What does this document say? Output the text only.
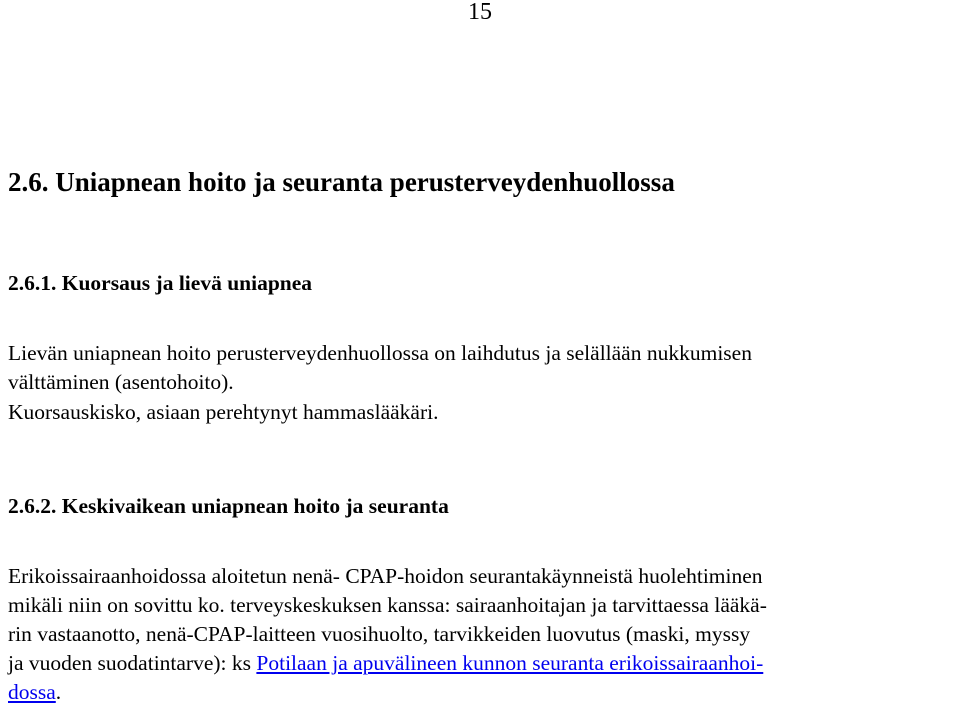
15
2.6. Uniapnean hoito ja seuranta perusterveydenhuollossa
2.6.1. Kuorsaus ja lievä uniapnea
Lievän uniapnean hoito perusterveydenhuollossa on laihdutus ja selällään nukkumisen
välttäminen (asentohoito).
Kuorsauskisko, asiaan perehtynyt hammaslääkäri.
2.6.2. Keskivaikean uniapnean hoito ja seuranta
Erikoissairaanhoidossa aloitetun nenä- CPAP-hoidon seurantakäynneistä huolehtiminen
mikäli niin on sovittu ko. terveyskeskuksen kanssa: sairaanhoitajan ja tarvittaessa lääkä-
rin vastaanotto, nenä-CPAP-laitteen vuosihuolto, tarvikkeiden luovutus (maski, myssy
ja vuoden suodatintarve): ks Potilaan ja apuvälineen kunnon seuranta erikoissairaanhoi-
dossa.
